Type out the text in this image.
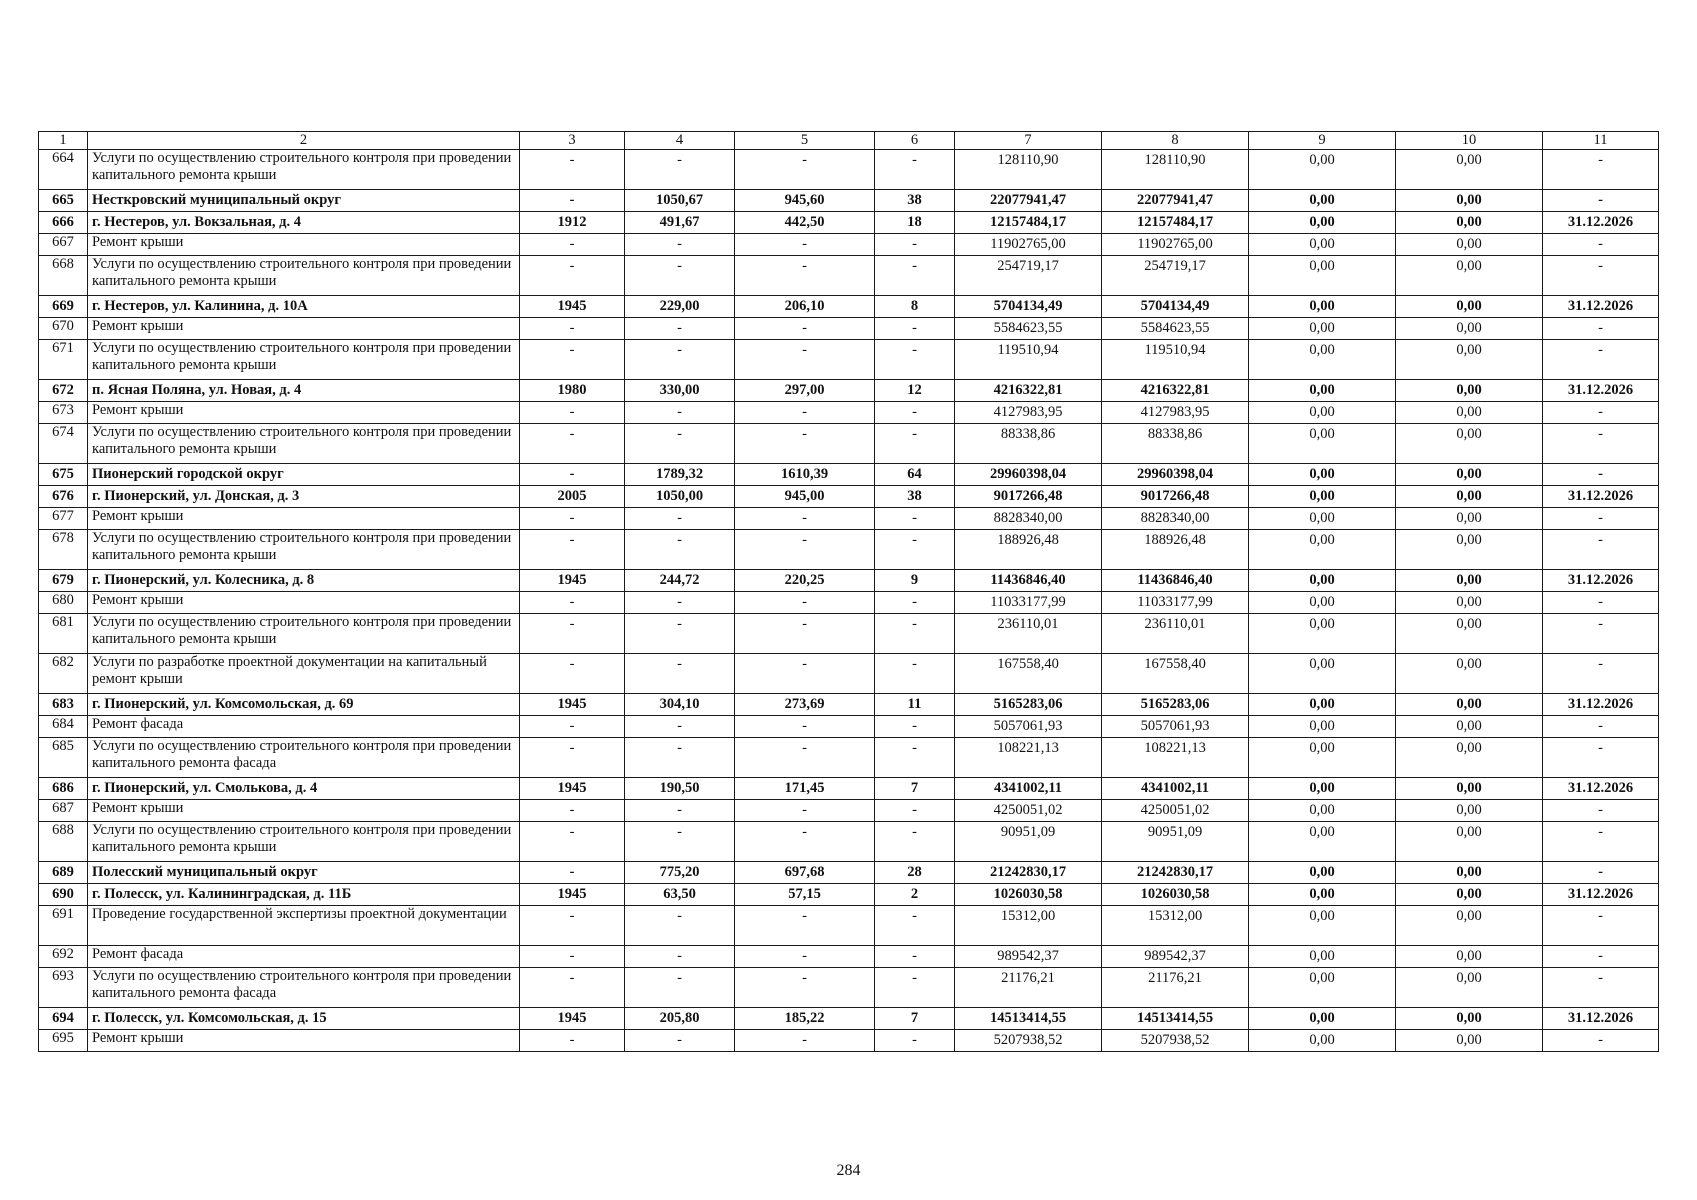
1	2	3	4	5	6	7	8	9	10	11
664	Услуги по осуществлению строительного контроля при проведении капитального ремонта крыши	-	-	-	-	128110,90	128110,90	0,00	0,00	-
665	Несткровский муниципальный округ	-	1050,67	945,60	38	22077941,47	22077941,47	0,00	0,00	-
666	г. Нестеров, ул. Вокзальная, д. 4	1912	491,67	442,50	18	12157484,17	12157484,17	0,00	0,00	31.12.2026
667	Ремонт крыши	-	-	-	-	11902765,00	11902765,00	0,00	0,00	-
668	Услуги по осуществлению строительного контроля при проведении капитального ремонта крыши	-	-	-	-	254719,17	254719,17	0,00	0,00	-
669	г. Нестеров, ул. Калинина, д. 10А	1945	229,00	206,10	8	5704134,49	5704134,49	0,00	0,00	31.12.2026
670	Ремонт крыши	-	-	-	-	5584623,55	5584623,55	0,00	0,00	-
671	Услуги по осуществлению строительного контроля при проведении капитального ремонта крыши	-	-	-	-	119510,94	119510,94	0,00	0,00	-
672	п. Ясная Поляна, ул. Новая, д. 4	1980	330,00	297,00	12	4216322,81	4216322,81	0,00	0,00	31.12.2026
673	Ремонт крыши	-	-	-	-	4127983,95	4127983,95	0,00	0,00	-
674	Услуги по осуществлению строительного контроля при проведении капитального ремонта крыши	-	-	-	-	88338,86	88338,86	0,00	0,00	-
675	Пионерский городской округ	-	1789,32	1610,39	64	29960398,04	29960398,04	0,00	0,00	-
676	г. Пионерский, ул. Донская, д. 3	2005	1050,00	945,00	38	9017266,48	9017266,48	0,00	0,00	31.12.2026
677	Ремонт крыши	-	-	-	-	8828340,00	8828340,00	0,00	0,00	-
678	Услуги по осуществлению строительного контроля при проведении капитального ремонта крыши	-	-	-	-	188926,48	188926,48	0,00	0,00	-
679	г. Пионерский, ул. Колесника, д. 8	1945	244,72	220,25	9	11436846,40	11436846,40	0,00	0,00	31.12.2026
680	Ремонт крыши	-	-	-	-	11033177,99	11033177,99	0,00	0,00	-
681	Услуги по осуществлению строительного контроля при проведении капитального ремонта крыши	-	-	-	-	236110,01	236110,01	0,00	0,00	-
682	Услуги по разработке проектной документации на капитальный ремонт крыши	-	-	-	-	167558,40	167558,40	0,00	0,00	-
683	г. Пионерский, ул. Комсомольская, д. 69	1945	304,10	273,69	11	5165283,06	5165283,06	0,00	0,00	31.12.2026
684	Ремонт фасада	-	-	-	-	5057061,93	5057061,93	0,00	0,00	-
685	Услуги по осуществлению строительного контроля при проведении капитального ремонта фасада	-	-	-	-	108221,13	108221,13	0,00	0,00	-
686	г. Пионерский, ул. Смолькова, д. 4	1945	190,50	171,45	7	4341002,11	4341002,11	0,00	0,00	31.12.2026
687	Ремонт крыши	-	-	-	-	4250051,02	4250051,02	0,00	0,00	-
688	Услуги по осуществлению строительного контроля при проведении капитального ремонта крыши	-	-	-	-	90951,09	90951,09	0,00	0,00	-
689	Полесский муниципальный округ	-	775,20	697,68	28	21242830,17	21242830,17	0,00	0,00	-
690	г. Полесск, ул. Калининградская, д. 11Б	1945	63,50	57,15	2	1026030,58	1026030,58	0,00	0,00	31.12.2026
691	Проведение государственной экспертизы проектной документации	-	-	-	-	15312,00	15312,00	0,00	0,00	-
692	Ремонт фасада	-	-	-	-	989542,37	989542,37	0,00	0,00	-
693	Услуги по осуществлению строительного контроля при проведении капитального ремонта фасада	-	-	-	-	21176,21	21176,21	0,00	0,00	-
694	г. Полесск, ул. Комсомольская, д. 15	1945	205,80	185,22	7	14513414,55	14513414,55	0,00	0,00	31.12.2026
695	Ремонт крыши	-	-	-	-	5207938,52	5207938,52	0,00	0,00	-
284
